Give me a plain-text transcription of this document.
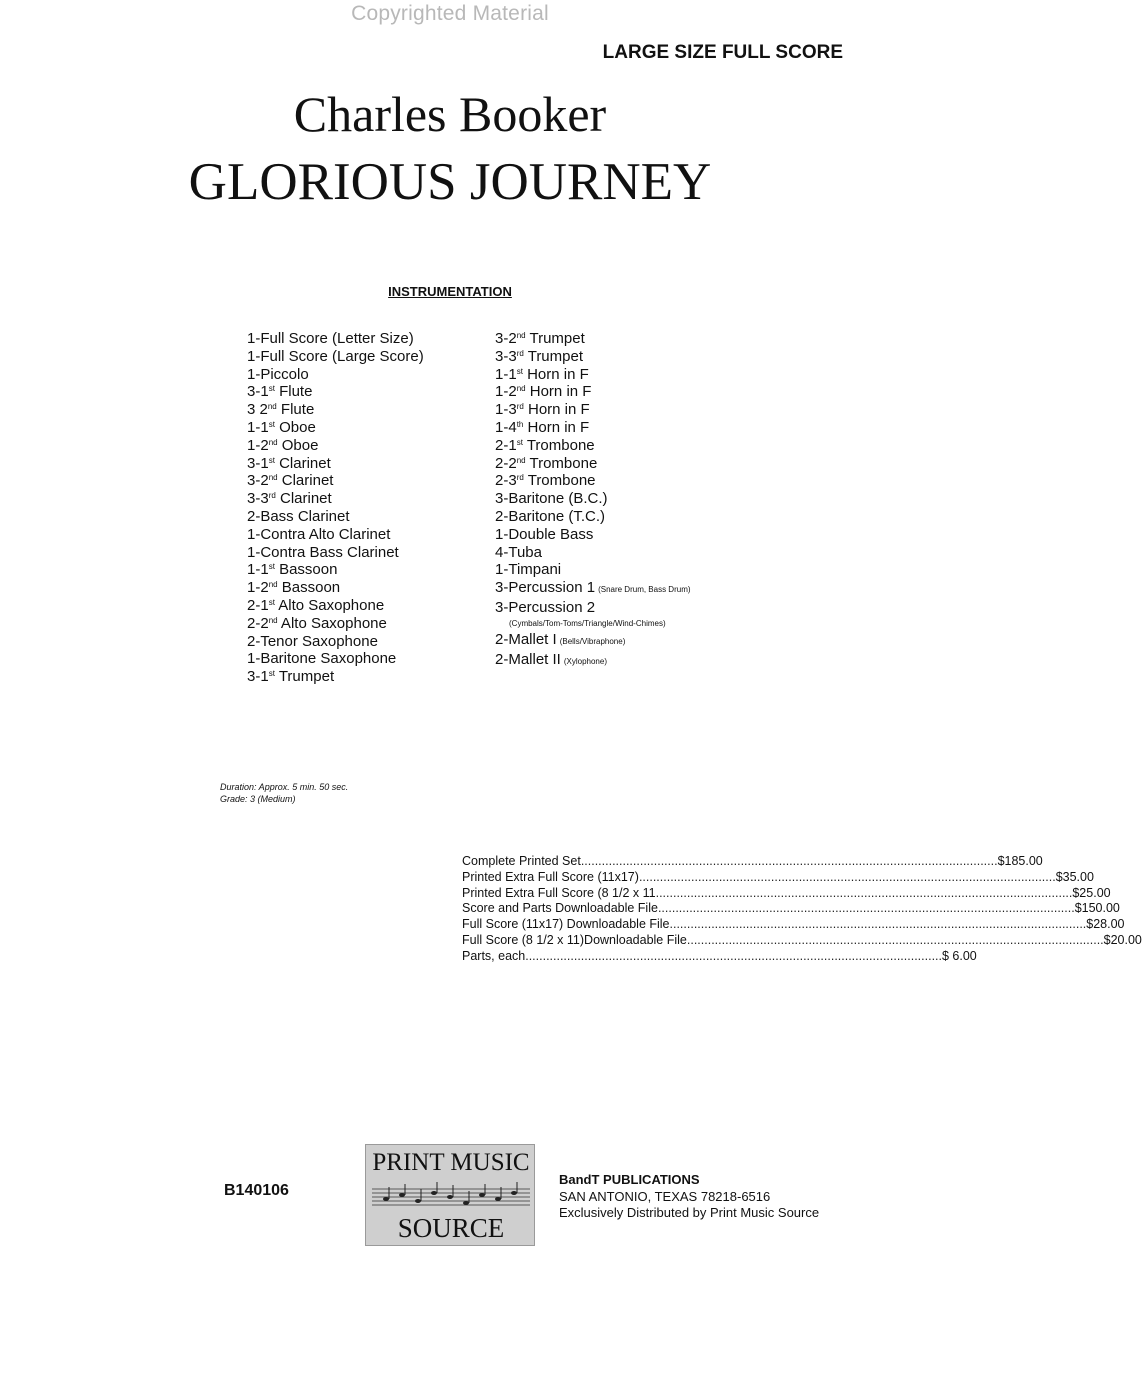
Copyrighted Material
LARGE SIZE FULL SCORE
Charles Booker
GLORIOUS JOURNEY
INSTRUMENTATION
1-Full Score (Letter Size)
1-Full Score (Large Score)
1-Piccolo
3-1st Flute
3 2nd Flute
1-1st Oboe
1-2nd Oboe
3-1st Clarinet
3-2nd Clarinet
3-3rd Clarinet
2-Bass Clarinet
1-Contra Alto Clarinet
1-Contra Bass Clarinet
1-1st Bassoon
1-2nd Bassoon
2-1st Alto Saxophone
2-2nd Alto Saxophone
2-Tenor Saxophone
1-Baritone Saxophone
3-1st Trumpet
3-2nd Trumpet
3-3rd Trumpet
1-1st Horn in F
1-2nd Horn in F
1-3rd Horn in F
1-4th Horn in F
2-1st Trombone
2-2nd Trombone
2-3rd Trombone
3-Baritone (B.C.)
2-Baritone (T.C.)
1-Double Bass
4-Tuba
1-Timpani
3-Percussion 1 (Snare Drum, Bass Drum)
3-Percussion 2
(Cymbals/Tom-Toms/Triangle/Wind-Chimes)
2-Mallet I (Bells/Vibraphone)
2-Mallet II (Xylophone)
Duration: Approx. 5 min. 50 sec.
Grade: 3 (Medium)
Complete Printed Set ........................................................................................................................ $185.00
Printed Extra Full Score (11x17) ........................................................................................................................ $35.00
Printed Extra Full Score (8 1/2 x 11 ........................................................................................................................ $25.00
Score and Parts Downloadable File ........................................................................................................................ $150.00
Full Score (11x17) Downloadable File ........................................................................................................................ $28.00
Full Score (8 1/2 x 11)Downloadable File ........................................................................................................................ $20.00
Parts, each ........................................................................................................................ $ 6.00
B140106
PRINT MUSIC
SOURCE
BandT PUBLICATIONS
SAN ANTONIO, TEXAS 78218-6516
Exclusively Distributed by Print Music Source
